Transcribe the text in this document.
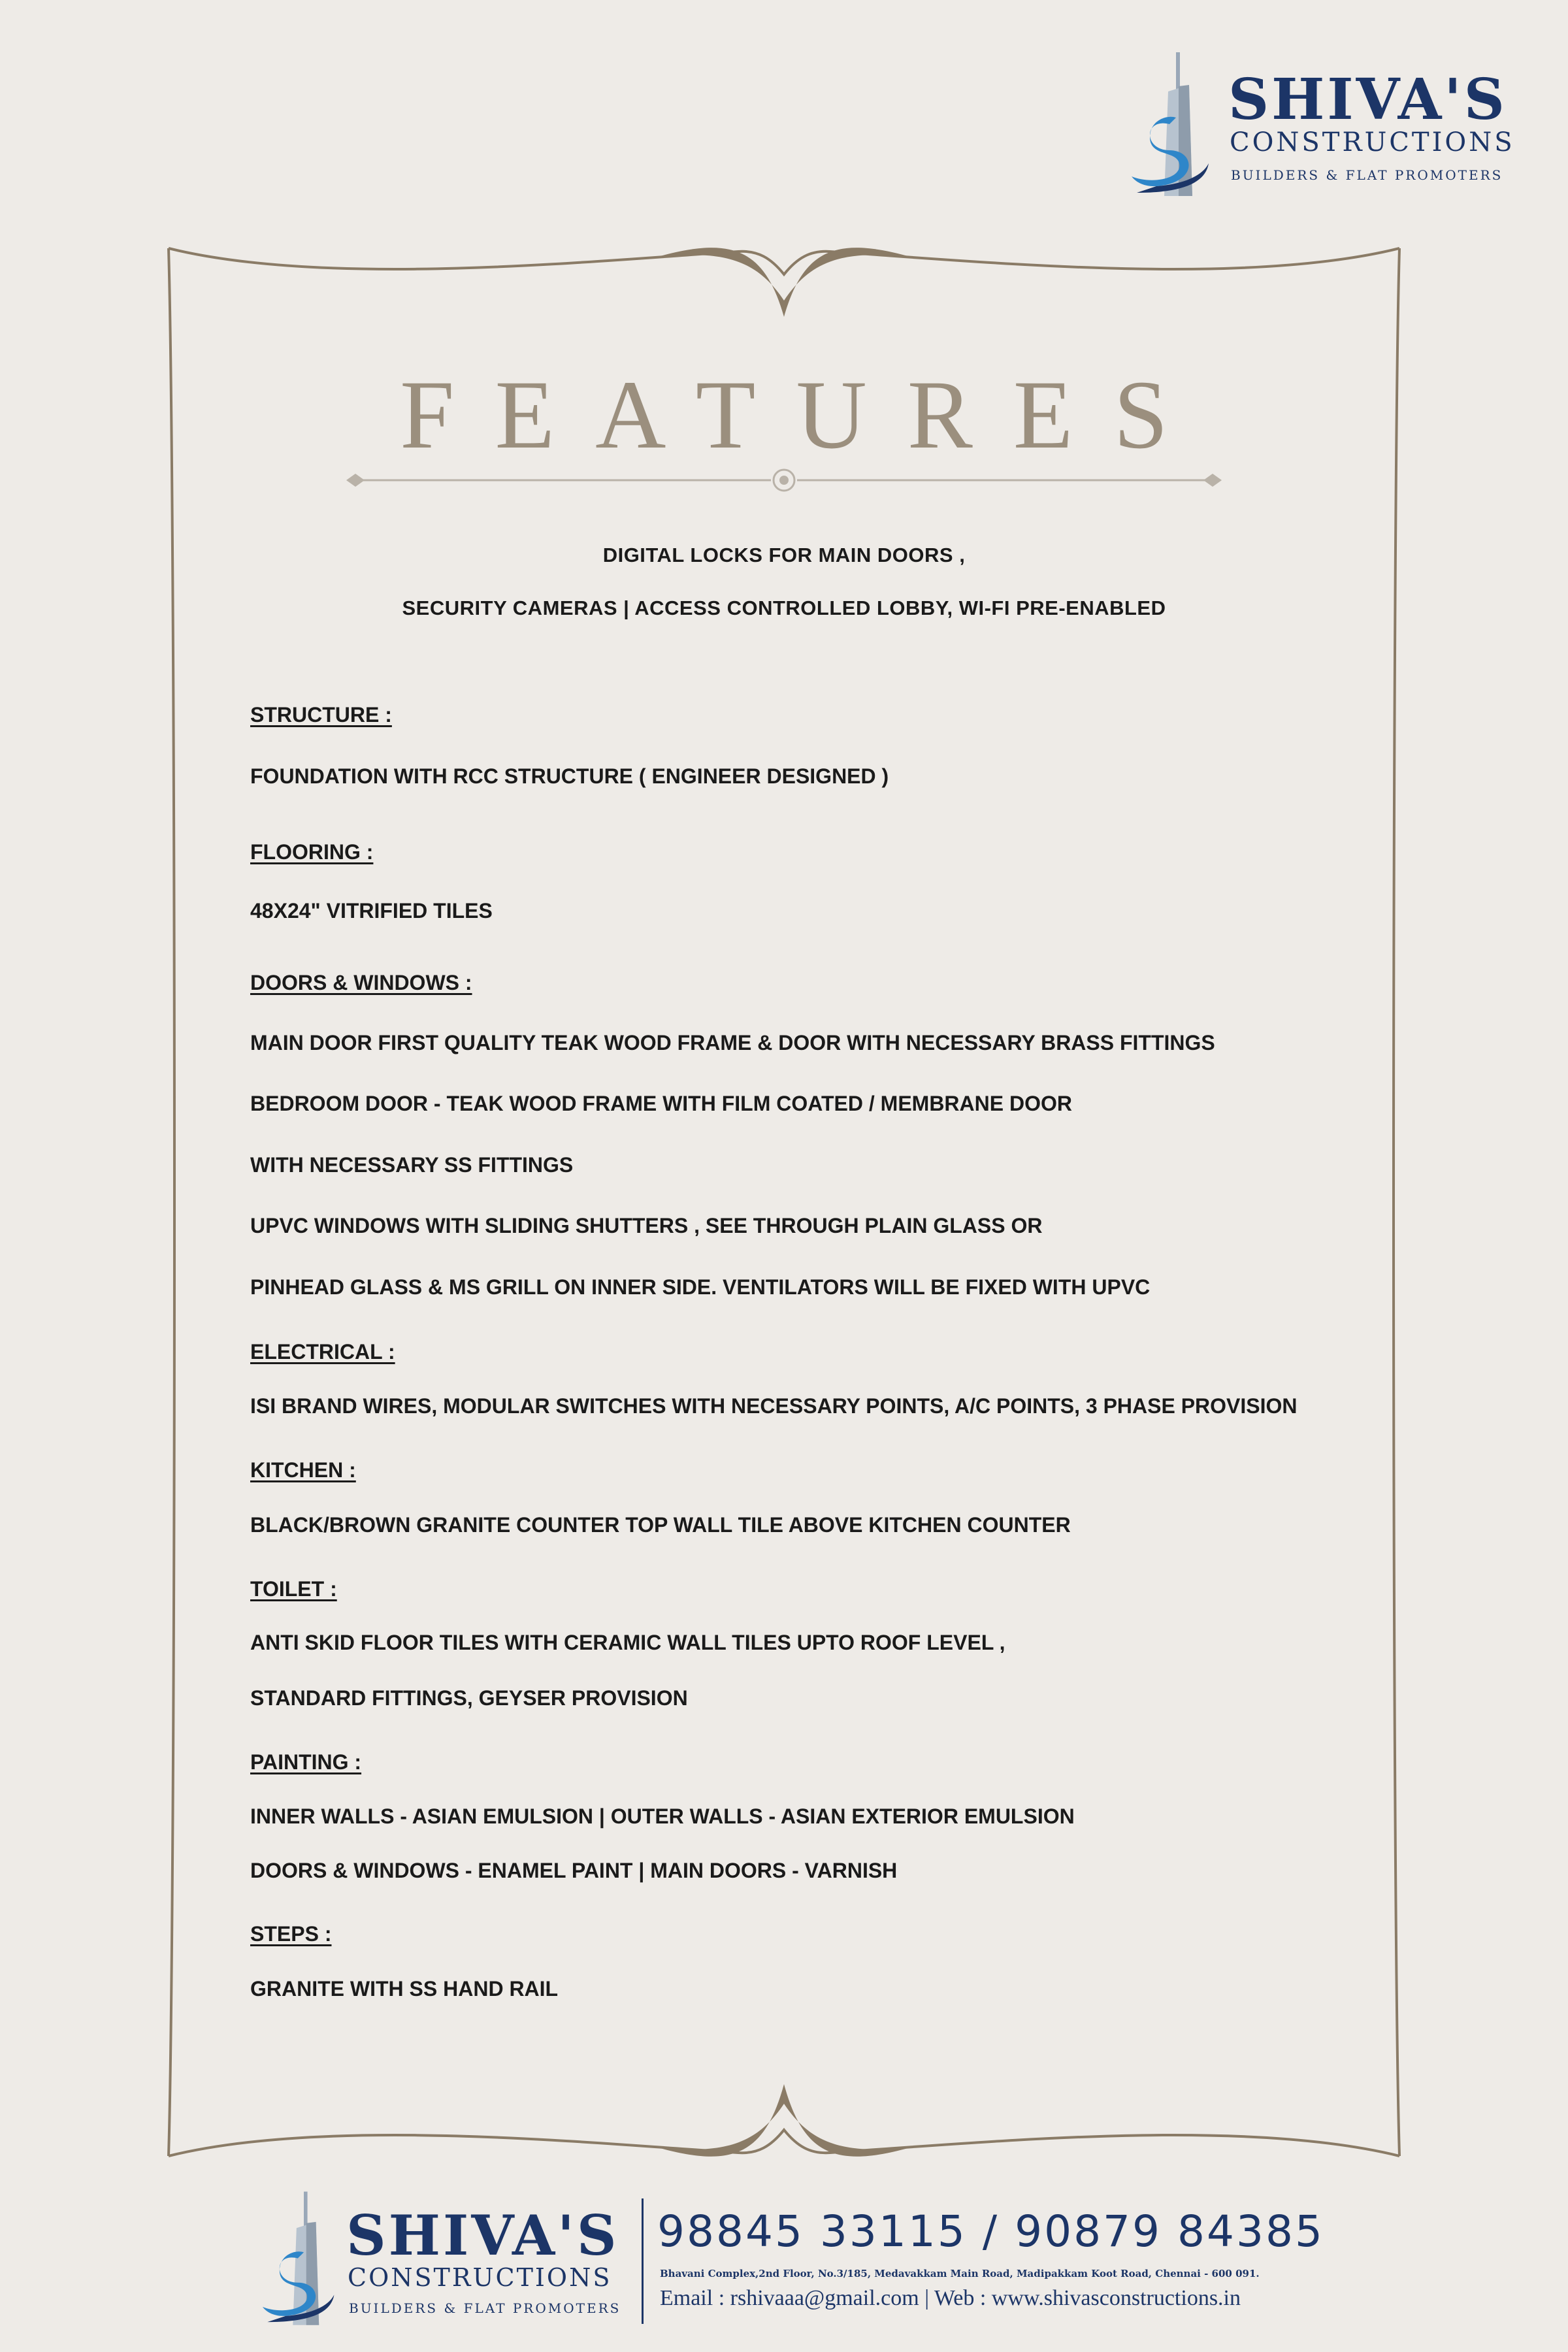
SHIVA'S
CONSTRUCTIONS
BUILDERS & FLAT PROMOTERS
FEATURES
DIGITAL LOCKS FOR MAIN DOORS ,
SECURITY CAMERAS | ACCESS CONTROLLED LOBBY, WI-FI PRE-ENABLED
STRUCTURE :
FOUNDATION WITH RCC STRUCTURE ( ENGINEER DESIGNED )
FLOORING :
48X24" VITRIFIED TILES
DOORS & WINDOWS :
MAIN DOOR FIRST QUALITY TEAK WOOD FRAME & DOOR WITH NECESSARY BRASS FITTINGS
BEDROOM DOOR - TEAK WOOD FRAME WITH FILM COATED / MEMBRANE DOOR
WITH NECESSARY SS FITTINGS
UPVC WINDOWS WITH SLIDING SHUTTERS , SEE THROUGH PLAIN GLASS OR
PINHEAD GLASS & MS GRILL ON INNER SIDE. VENTILATORS WILL BE FIXED WITH UPVC
ELECTRICAL :
ISI BRAND WIRES, MODULAR SWITCHES WITH NECESSARY POINTS, A/C POINTS, 3 PHASE PROVISION
KITCHEN :
BLACK/BROWN GRANITE COUNTER TOP WALL TILE ABOVE KITCHEN COUNTER
TOILET :
ANTI SKID FLOOR TILES WITH CERAMIC WALL TILES UPTO ROOF LEVEL ,
STANDARD FITTINGS, GEYSER PROVISION
PAINTING :
INNER WALLS - ASIAN EMULSION | OUTER WALLS - ASIAN EXTERIOR EMULSION
DOORS & WINDOWS - ENAMEL PAINT | MAIN DOORS - VARNISH
STEPS :
GRANITE WITH SS HAND RAIL
SHIVA'S
CONSTRUCTIONS
BUILDERS & FLAT PROMOTERS
98845 33115 / 90879 84385
Bhavani Complex,2nd Floor, No.3/185, Medavakkam Main Road, Madipakkam Koot Road, Chennai - 600 091.
Email : rshivaaa@gmail.com | Web : www.shivasconstructions.in
